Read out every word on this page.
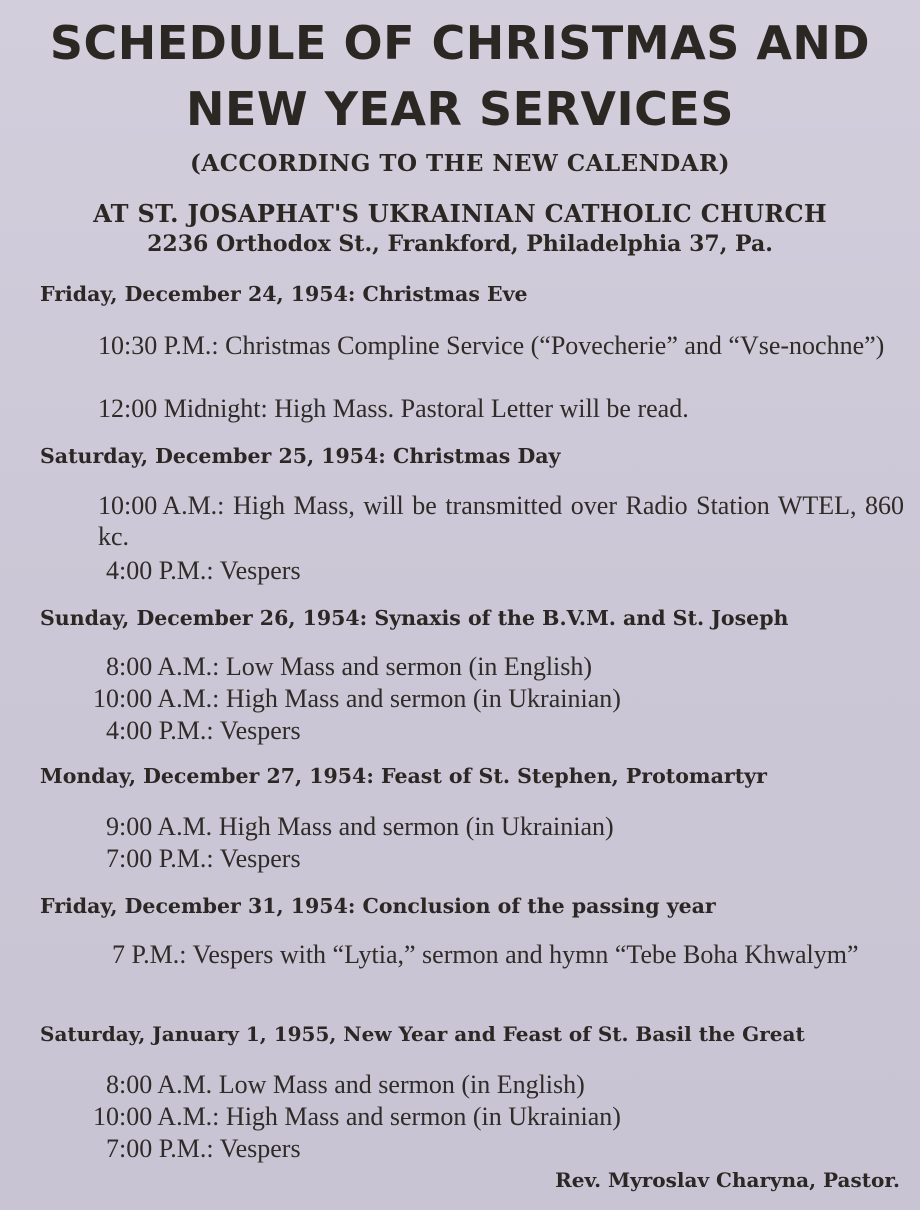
SCHEDULE OF CHRISTMAS AND
NEW YEAR SERVICES
(ACCORDING TO THE NEW CALENDAR)
AT ST. JOSAPHAT'S UKRAINIAN CATHOLIC CHURCH
2236 Orthodox St., Frankford, Philadelphia 37, Pa.
Friday, December 24, 1954: Christmas Eve
10:30 P.M.: Christmas Compline Service (“Povecherie” and “Vse-nochne”)
12:00 Midnight: High Mass. Pastoral Letter will be read.
Saturday, December 25, 1954: Christmas Day
10:00 A.M.: High Mass, will be transmitted over Radio Station WTEL, 860 kc.
4:00 P.M.: Vespers
Sunday, December 26, 1954: Synaxis of the B.V.M. and St. Joseph
8:00 A.M.: Low Mass and sermon (in English)
10:00 A.M.: High Mass and sermon (in Ukrainian)
4:00 P.M.: Vespers
Monday, December 27, 1954: Feast of St. Stephen, Protomartyr
9:00 A.M. High Mass and sermon (in Ukrainian)
7:00 P.M.: Vespers
Friday, December 31, 1954: Conclusion of the passing year
7 P.M.: Vespers with “Lytia,” sermon and hymn “Tebe Boha Khwalym”
Saturday, January 1, 1955, New Year and Feast of St. Basil the Great
8:00 A.M. Low Mass and sermon (in English)
10:00 A.M.: High Mass and sermon (in Ukrainian)
7:00 P.M.: Vespers
Rev. Myroslav Charyna, Pastor.
